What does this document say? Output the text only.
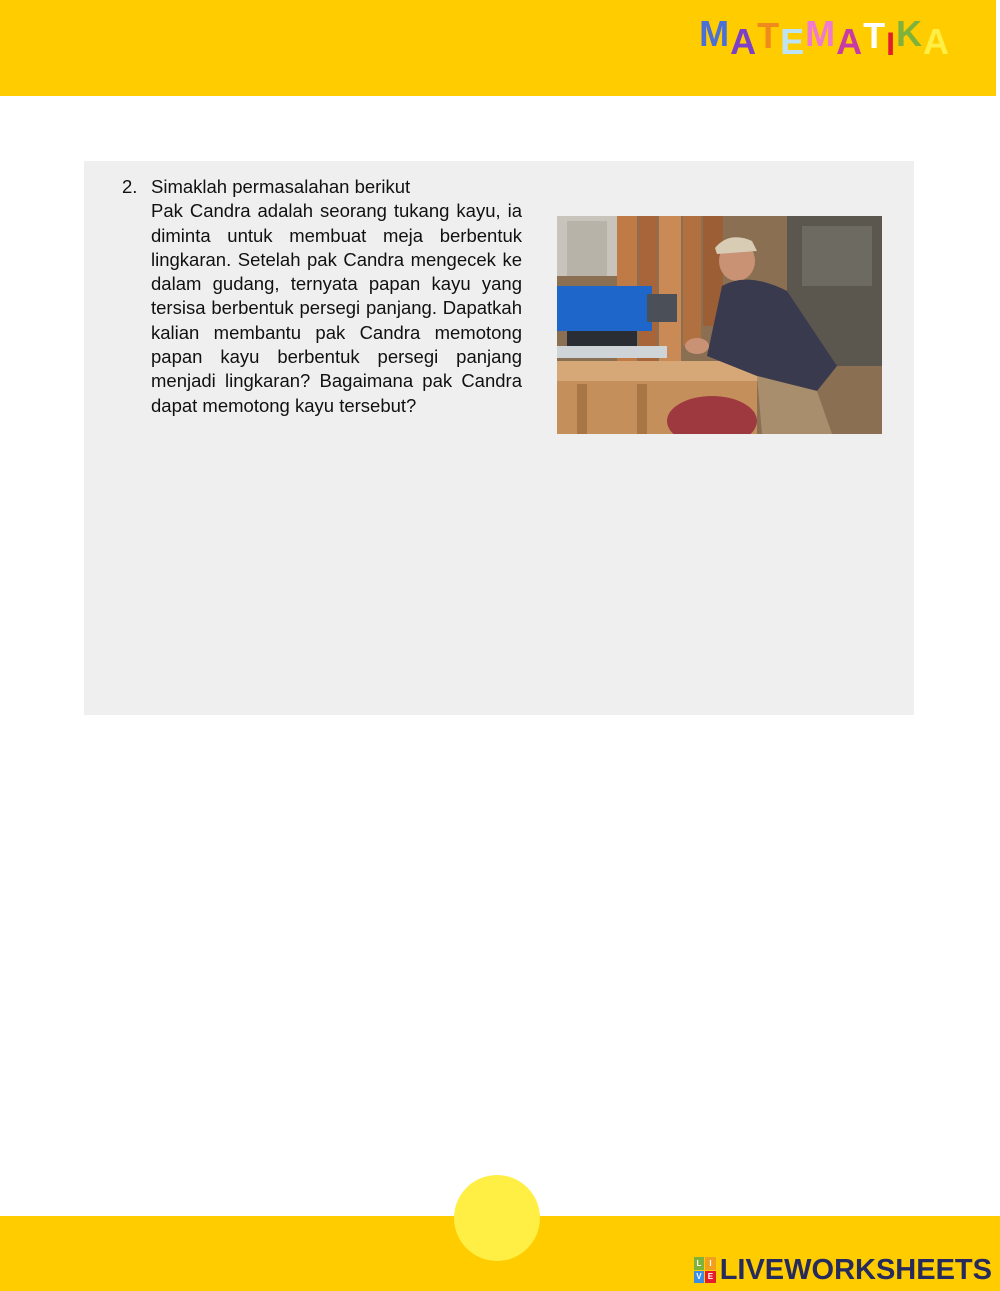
M A T E M A T I K A
2. Simaklah permasalahan berikut
Pak Candra adalah seorang tukang kayu, ia diminta untuk membuat meja berbentuk lingkaran. Setelah pak Candra mengecek ke dalam gudang, ternyata papan kayu yang tersisa berbentuk persegi panjang. Dapatkah kalian membantu pak Candra memotong papan kayu berbentuk persegi panjang menjadi lingkaran? Bagaimana pak Candra dapat memotong kayu tersebut?
L I
V E LIVEWORKSHEETS
